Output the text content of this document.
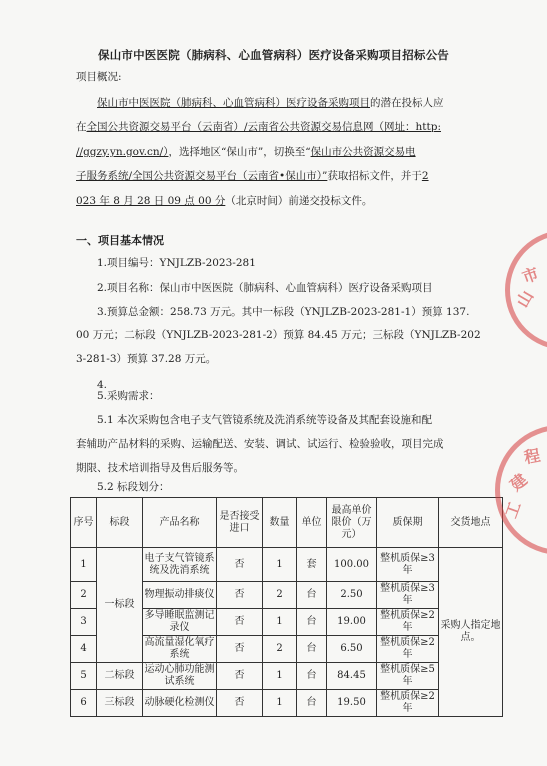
保山市中医医院（肺病科、心血管病科）医疗设备采购项目招标公告
项目概况:
保山市中医医院（肺病科、心血管病科）医疗设备采购项目的潜在投标人应
在全国公共资源交易平台（云南省）/云南省公共资源交易信息网（网址：http:
//ggzy.yn.gov.cn/），选择地区“保山市”，切换至“保山市公共资源交易电
子服务系统/全国公共资源交易平台（云南省•保山市）”获取招标文件，并于2
023 年 8 月 28 日 09 点 00 分（北京时间）前递交投标文件。
一、项目基本情况
1.项目编号：YNJLZB-2023-281
2.项目名称：保山市中医医院（肺病科、心血管病科）医疗设备采购项目
3.预算总金额：258.73 万元。其中一标段（YNJLZB-2023-281-1）预算 137.
00 万元；二标段（YNJLZB-2023-281-2）预算 84.45 万元；三标段（YNJLZB-202
3-281-3）预算 37.28 万元。
4.
5.采购需求：
5.1 本次采购包含电子支气管镜系统及洗消系统等设备及其配套设施和配
套辅助产品材料的采购、运输配送、安装、调试、试运行、检验验收，项目完成
期限、技术培训指导及售后服务等。
5.2 标段划分：
序号	标段	产品名称	是否接受进口	数量	单位	最高单价限价（万元）	质保期	交货地点
1	一标段	电子支气管镜系统及洗消系统	否	1	套	100.00	整机质保≥3 年	采购人指定地点。
2		物理振动排痰仪	否	2	台	2.50	整机质保≥3 年	
3		多导睡眠监测记录仪	否	1	台	19.00	整机质保≥2 年	
4		高流量湿化氧疗系统	否	2	台	6.50	整机质保≥2 年	
5	二标段	运动心肺功能测试系统	否	1	台	84.45	整机质保≥5 年	
6	三标段	动脉硬化检测仪	否	1	台	19.50	整机质保≥2 年	
市
山
程
建
工
